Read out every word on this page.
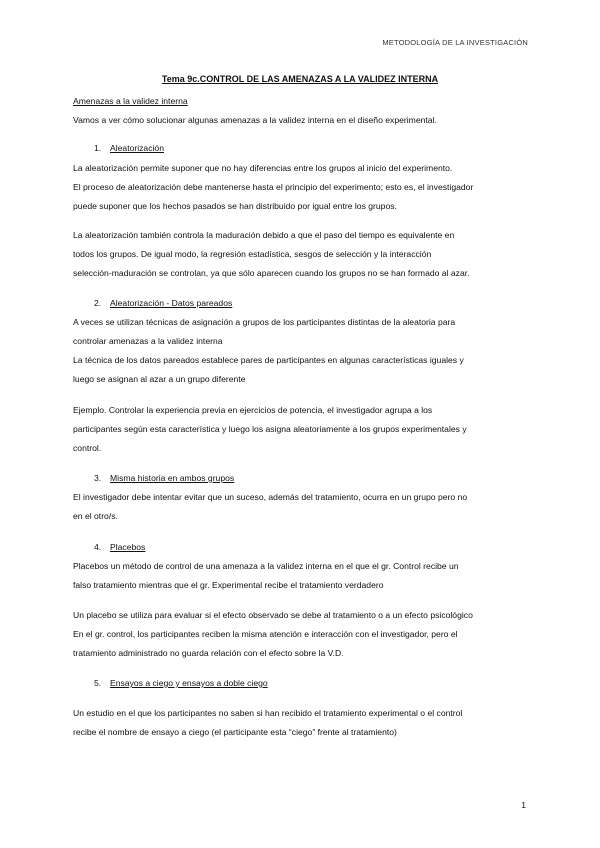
METODOLOGÍA DE LA INVESTIGACIÓN
Tema 9c.CONTROL DE LAS AMENAZAS A LA VALIDEZ INTERNA
Amenazas a la validez interna
Vamos a ver cómo solucionar algunas amenazas a la validez interna en el diseño experimental.
1. Aleatorización
La aleatorización permite suponer que no hay diferencias entre los grupos al inicio del experimento.
El proceso de aleatorización debe mantenerse hasta el principio del experimento; esto es, el investigador
puede suponer que los hechos pasados se han distribuido por igual entre los grupos.
La aleatorización también controla la maduración debido a que el paso del tiempo es equivalente en
todos los grupos. De igual modo, la regresión estadística, sesgos de selección y la interacción
selección-maduración se controlan, ya que sólo aparecen cuando los grupos no se han formado al azar.
2. Aleatorización - Datos pareados
A veces se utilizan técnicas de asignación a grupos de los participantes distintas de la aleatoria para
controlar amenazas a la validez interna
La técnica de los datos pareados establece pares de participantes en algunas características iguales y
luego se asignan al azar a un grupo diferente
Ejemplo. Controlar la experiencia previa en ejercicios de potencia, el investigador agrupa a los
participantes según esta característica y luego los asigna aleatoriamente a los grupos experimentales y
control.
3. Misma historia en ambos grupos
El investigador debe intentar evitar que un suceso, además del tratamiento, ocurra en un grupo pero no
en el otro/s.
4. Placebos
Placebos un método de control de una amenaza a la validez interna en el que el gr. Control recibe un
falso tratamiento mientras que el gr. Experimental recibe el tratamiento verdadero
Un placebo se utiliza para evaluar si el efecto observado se debe al tratamiento o a un efecto psicológico
En el gr. control, los participantes reciben la misma atención e interacción con el investigador, pero el
tratamiento administrado no guarda relación con el efecto sobre la V.D.
5. Ensayos a ciego y ensayos a doble ciego
Un estudio en el que los participantes no saben si han recibido el tratamiento experimental o el control
recibe el nombre de ensayo a ciego (el participante esta “ciego” frente al tratamiento)
1
